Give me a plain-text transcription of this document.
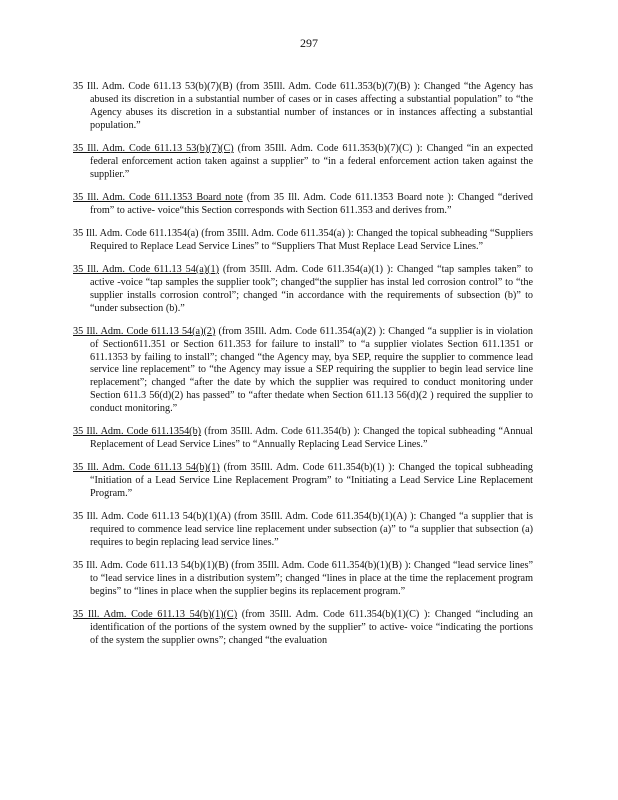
297

35 Ill. Adm. Code 611.13 53(b)(7)(B) (from 35Ill. Adm. Code 611.353(b)(7)(B) ): Changed “the Agency has abused its discretion in a substantial number of cases or in cases affecting a substantial population” to “the Agency abuses its discretion in a substantial number of instances or in instances affecting a substantial population.”

35 Ill. Adm. Code 611.13 53(b)(7)(C) (from 35Ill. Adm. Code 611.353(b)(7)(C) ): Changed “in an expected federal enforcement action taken against a supplier” to “in a federal enforcement action taken against the supplier.”

35 Ill. Adm. Code 611.1353 Board note (from 35 Ill. Adm. Code 611.1353 Board note ): Changed “derived from” to active- voice“this Section corresponds with Section 611.353 and derives from.”

35 Ill. Adm. Code 611.1354(a) (from 35Ill. Adm. Code 611.354(a) ): Changed the topical subheading “Suppliers Required to Replace Lead Service Lines” to “Suppliers That Must Replace Lead Service Lines.”

35 Ill. Adm. Code 611.13 54(a)(1) (from 35Ill. Adm. Code 611.354(a)(1) ): Changed “tap samples taken” to active -voice “tap samples the supplier took”; changed“the supplier has instal led corrosion control” to “the supplier installs corrosion control”; changed “in accordance with the requirements of subsection (b)” to “under subsection (b).”

35 Ill. Adm. Code 611.13 54(a)(2) (from 35Ill. Adm. Code 611.354(a)(2) ): Changed “a supplier is in violation of Section611.351 or Section 611.353 for failure to install” to “a supplier violates Section 611.1351 or 611.1353 by failing to install”; changed “the Agency may, bya SEP, require the supplier to commence lead service line replacement” to “the Agency may issue a SEP requiring the supplier to begin lead service line replacement”; changed “after the date by which the supplier was required to conduct monitoring under Section 611.3 56(d)(2) has passed” to “after thedate when Section 611.13 56(d)(2 ) required the supplier to conduct monitoring.”

35 Ill. Adm. Code 611.1354(b) (from 35Ill. Adm. Code 611.354(b) ): Changed the topical subheading “Annual Replacement of Lead Service Lines” to “Annually Replacing Lead Service Lines.”

35 Ill. Adm. Code 611.13 54(b)(1) (from 35Ill. Adm. Code 611.354(b)(1) ): Changed the topical subheading “Initiation of a Lead Service Line Replacement Program” to “Initiating a Lead Service Line Replacement Program.”

35 Ill. Adm. Code 611.13 54(b)(1)(A) (from 35Ill. Adm. Code 611.354(b)(1)(A) ): Changed “a supplier that is required to commence lead service line replacement under subsection (a)” to “a supplier that subsection (a) requires to begin replacing lead service lines.”

35 Ill. Adm. Code 611.13 54(b)(1)(B) (from 35Ill. Adm. Code 611.354(b)(1)(B) ): Changed “lead service lines” to “lead service lines in a distribution system”; changed “lines in place at the time the replacement program begins” to “lines in place when the supplier begins its replacement program.”

35 Ill. Adm. Code 611.13 54(b)(1)(C) (from 35Ill. Adm. Code 611.354(b)(1)(C) ): Changed “including an identification of the portions of the system owned by the supplier” to active- voice “indicating the portions of the system the supplier owns”; changed “the evaluation
